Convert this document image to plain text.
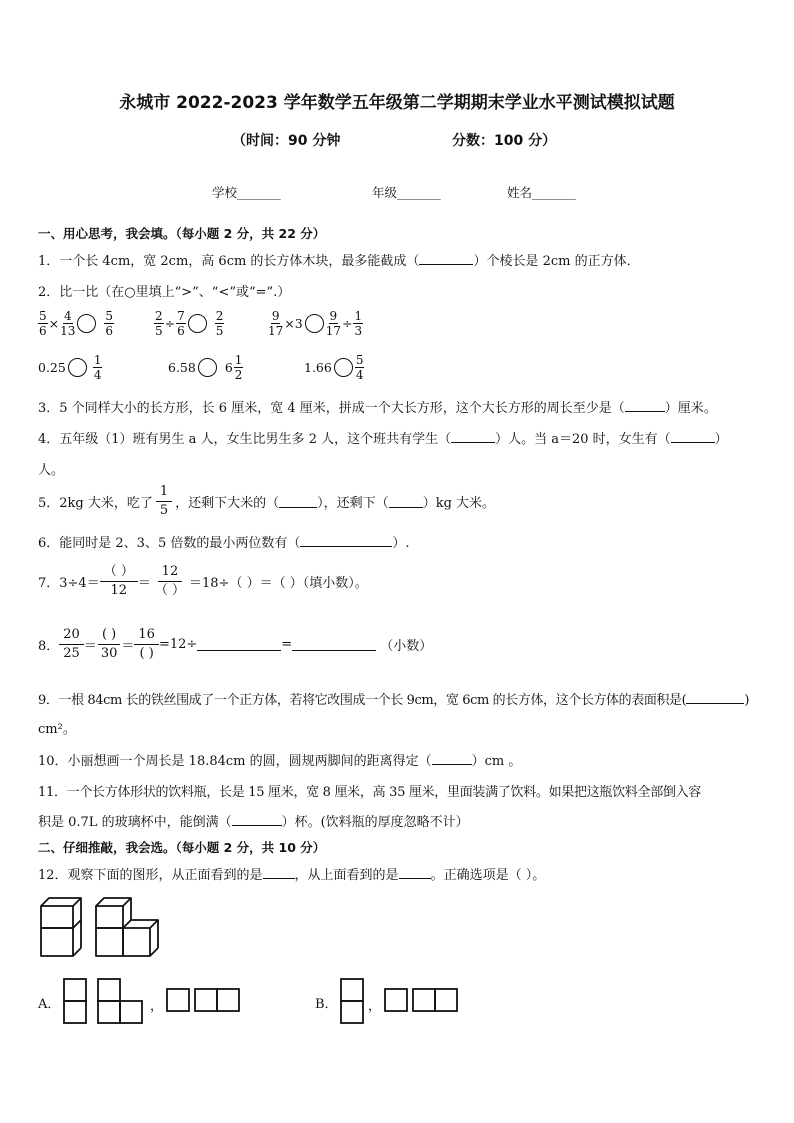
永城市 2022-2023 学年数学五年级第二学期期末学业水平测试模拟试题
（时间：90 分钟	分数：100 分）
学校_______	年级_______	姓名_______
一、用心思考，我会填。（每小题 2 分，共 22 分）
1．一个长 4cm，宽 2cm，高 6cm 的长方体木块，最多能截成（	）个棱长是 2cm 的正方体．
2．比一比（在○里填上“>”、“<”或“=”.）
$\frac{5}{6} \times \frac{4}{13} \frac{5}{6}$	$\frac{2}{5} \div \frac{7}{6} \frac{2}{5}$	$\frac{9}{17} \times 3 \frac{9}{17} \div \frac{1}{3}$
$0.25 \frac{1}{4}$	6.58 $6 \frac{1}{2}$	$1.66 \frac{5}{4}$
3．5 个同样大小的长方形，长 6 厘米，宽 4 厘米，拼成一个大长方形，这个大长方形的周长至少是（	）厘米。
4．五年级（1）班有男生 a 人，女生比男生多 2 人，这个班共有学生（	）人。当 a＝20 时，女生有（	）
人。
5．2kg 大米，吃了
1
5 ，还剩下大米的（	），还剩下（	）kg 大米。
6．能同时是 2、3、5 倍数的最小两位数有（	）.
7．3÷4＝
（ ）
12 ＝
12
（ ） ＝18÷（ ）＝（ ）（填小数）。
8．
20
25 ＝
( )
30 ＝
16
( )
=12÷	=	（小数）
9．一根 84cm 长的铁丝围成了一个正方体，若将它改围成一个长 9cm，宽 6cm 的长方体，这个长方体的表面积是(	)
cm²。
10．小丽想画一个周长是 18.84cm 的圆，圆规两脚间的距离得定（	）cm 。
11．一个长方体形状的饮料瓶，长是 15 厘米，宽 8 厘米，高 35 厘米，里面装满了饮料。如果把这瓶饮料全部倒入容
积是 0.7L 的玻璃杯中，能倒满（	）杯。(饮料瓶的厚度忽略不计）
二、仔细推敲，我会选。（每小题 2 分，共 10 分）
12．观察下面的图形，从正面看到的是 ，从上面看到的是 。正确选项是（ ）。
A．	，	B． ，
